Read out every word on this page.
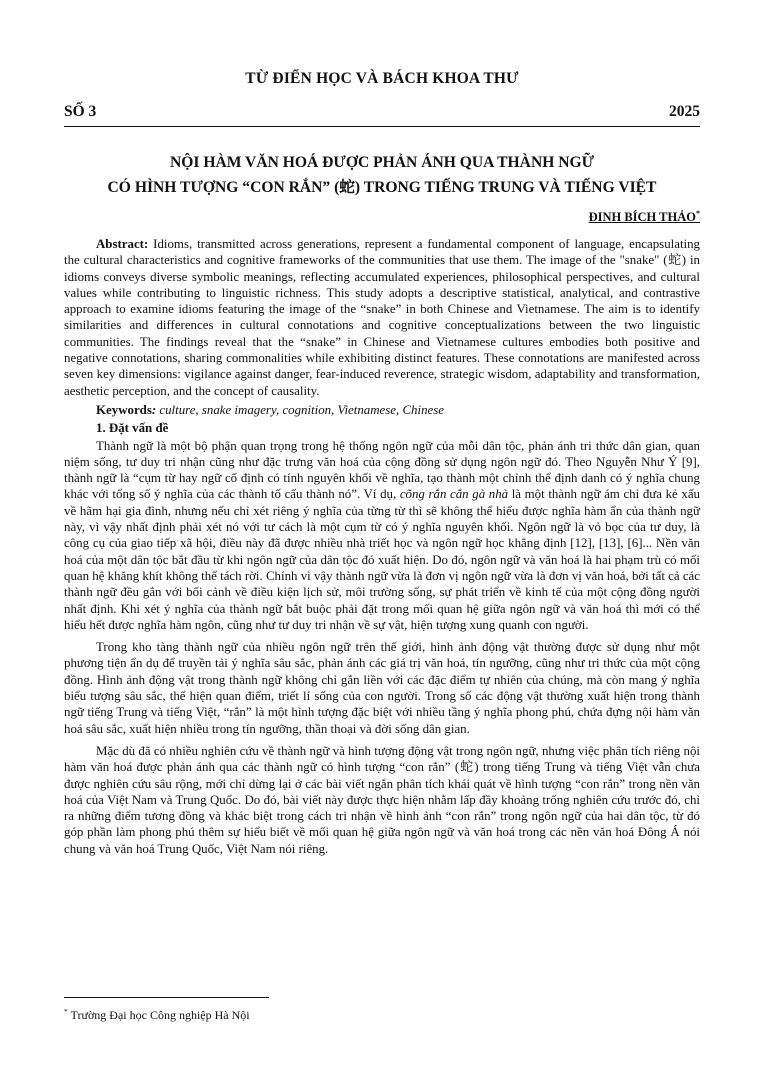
TỪ ĐIỂN HỌC VÀ BÁCH KHOA THƯ
SỐ 3	2025
NỘI HÀM VĂN HOÁ ĐƯỢC PHẢN ÁNH QUA THÀNH NGỮ
CÓ HÌNH TƯỢNG “CON RẮN” (蛇) TRONG TIẾNG TRUNG VÀ TIẾNG VIỆT
ĐINH BÍCH THẢO*

Abstract: Idioms, transmitted across generations, represent a fundamental component of language, encapsulating the cultural characteristics and cognitive frameworks of the communities that use them. The image of the "snake" (蛇) in idioms conveys diverse symbolic meanings, reflecting accumulated experiences, philosophical perspectives, and cultural values while contributing to linguistic richness. This study adopts a descriptive statistical, analytical, and contrastive approach to examine idioms featuring the image of the “snake” in both Chinese and Vietnamese. The aim is to identify similarities and differences in cultural connotations and cognitive conceptualizations between the two linguistic communities. The findings reveal that the “snake” in Chinese and Vietnamese cultures embodies both positive and negative connotations, sharing commonalities while exhibiting distinct features. These connotations are manifested across seven key dimensions: vigilance against danger, fear-induced reverence, strategic wisdom, adaptability and transformation, aesthetic perception, and the concept of causality.

Keywords: culture, snake imagery, cognition, Vietnamese, Chinese

1. Đặt vấn đề

Thành ngữ là một bộ phận quan trọng trong hệ thống ngôn ngữ của mỗi dân tộc, phản ánh tri thức dân gian, quan niệm sống, tư duy tri nhận cũng như đặc trưng văn hoá của cộng đồng sử dụng ngôn ngữ đó. Theo Nguyễn Như Ý [9], thành ngữ là “cụm từ hay ngữ cố định có tính nguyên khối về nghĩa, tạo thành một chỉnh thể định danh có ý nghĩa chung khác với tổng số ý nghĩa của các thành tố cấu thành nó”. Ví dụ, cõng rắn cắn gà nhà là một thành ngữ ám chỉ đưa kẻ xấu về hãm hại gia đình, nhưng nếu chỉ xét riêng ý nghĩa của từng từ thì sẽ không thể hiểu được nghĩa hàm ẩn của thành ngữ này, vì vậy nhất định phải xét nó với tư cách là một cụm từ có ý nghĩa nguyên khối. Ngôn ngữ là vỏ bọc của tư duy, là công cụ của giao tiếp xã hội, điều này đã được nhiều nhà triết học và ngôn ngữ học khẳng định [12], [13], [6]... Nền văn hoá của một dân tộc bắt đầu từ khi ngôn ngữ của dân tộc đó xuất hiện. Do đó, ngôn ngữ và văn hoá là hai phạm trù có mối quan hệ khăng khít không thể tách rời. Chính vì vậy thành ngữ vừa là đơn vị ngôn ngữ vừa là đơn vị văn hoá, bởi tất cả các thành ngữ đều gắn với bối cảnh về điều kiện lịch sử, môi trường sống, sự phát triển về kinh tế của một cộng đồng người nhất định. Khi xét ý nghĩa của thành ngữ bắt buộc phải đặt trong mối quan hệ giữa ngôn ngữ và văn hoá thì mới có thể hiểu hết được nghĩa hàm ngôn, cũng như tư duy tri nhận về sự vật, hiện tượng xung quanh con người.

Trong kho tàng thành ngữ của nhiều ngôn ngữ trên thế giới, hình ảnh động vật thường được sử dụng như một phương tiện ẩn dụ để truyền tải ý nghĩa sâu sắc, phản ánh các giá trị văn hoá, tín ngưỡng, cũng như tri thức của một cộng đồng. Hình ảnh động vật trong thành ngữ không chỉ gắn liền với các đặc điểm tự nhiên của chúng, mà còn mang ý nghĩa biểu tượng sâu sắc, thể hiện quan điểm, triết lí sống của con người. Trong số các động vật thường xuất hiện trong thành ngữ tiếng Trung và tiếng Việt, “rắn” là một hình tượng đặc biệt với nhiều tầng ý nghĩa phong phú, chứa đựng nội hàm văn hoá sâu sắc, xuất hiện nhiều trong tín ngưỡng, thần thoại và đời sống dân gian.

Mặc dù đã có nhiều nghiên cứu về thành ngữ và hình tượng động vật trong ngôn ngữ, nhưng việc phân tích riêng nội hàm văn hoá được phản ánh qua các thành ngữ có hình tượng “con rắn” (蛇) trong tiếng Trung và tiếng Việt vẫn chưa được nghiên cứu sâu rộng, mới chỉ dừng lại ở các bài viết ngắn phân tích khái quát về hình tượng “con rắn” trong nền văn hoá của Việt Nam và Trung Quốc. Do đó, bài viết này được thực hiện nhằm lấp đầy khoảng trống nghiên cứu trước đó, chỉ ra những điểm tương đồng và khác biệt trong cách tri nhận về hình ảnh “con rắn” trong ngôn ngữ của hai dân tộc, từ đó góp phần làm phong phú thêm sự hiểu biết về mối quan hệ giữa ngôn ngữ và văn hoá trong các nền văn hoá Đông Á nói chung và văn hoá Trung Quốc, Việt Nam nói riêng.

* Trường Đại học Công nghiệp Hà Nội
